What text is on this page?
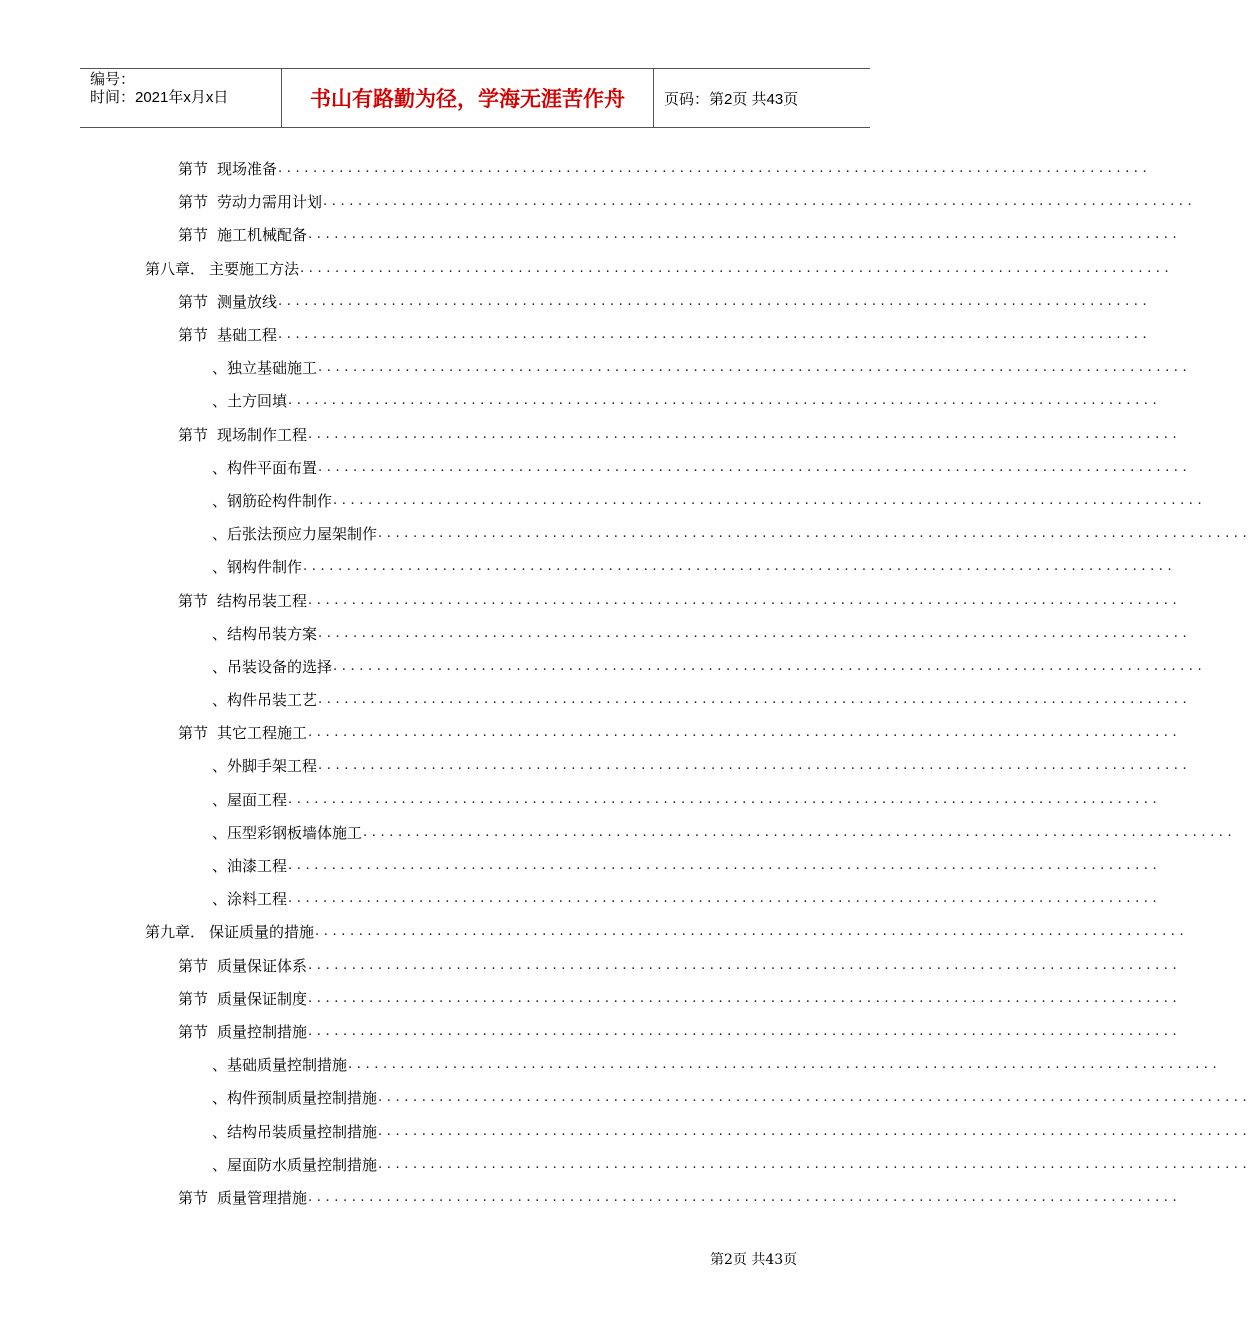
编号：
时间：2021年x月x日	书山有路勤为径，学海无涯苦作舟	页码：第2页 共43页
第节 现场准备 ....................................................................................................
第节 劳动力需用计划 ....................................................................................................
第节 施工机械配备 ....................................................................................................
第八章． 主要施工方法 ....................................................................................................
第节 测量放线 ....................................................................................................
第节 基础工程 ....................................................................................................
、 独立基础施工 ....................................................................................................
、 土方回填 ....................................................................................................
第节 现场制作工程 ....................................................................................................
、 构件平面布置 ....................................................................................................
、 钢筋砼构件制作 ....................................................................................................
、 后张法预应力屋架制作 ....................................................................................................
、 钢构件制作 ....................................................................................................
第节 结构吊装工程 ....................................................................................................
、 结构吊装方案 ....................................................................................................
、 吊装设备的选择 ....................................................................................................
、 构件吊装工艺 ....................................................................................................
第节 其它工程施工 ....................................................................................................
、 外脚手架工程 ....................................................................................................
、 屋面工程 ....................................................................................................
、 压型彩钢板墙体施工 ....................................................................................................
、 油漆工程 ....................................................................................................
、 涂料工程 ....................................................................................................
第九章． 保证质量的措施 ....................................................................................................
第节 质量保证体系 ....................................................................................................
第节 质量保证制度 ....................................................................................................
第节 质量控制措施 ....................................................................................................
、 基础质量控制措施 ....................................................................................................
、 构件预制质量控制措施 ....................................................................................................
、 结构吊装质量控制措施 ....................................................................................................
、 屋面防水质量控制措施 ....................................................................................................
第节 质量管理措施 ....................................................................................................
第2页 共43页
